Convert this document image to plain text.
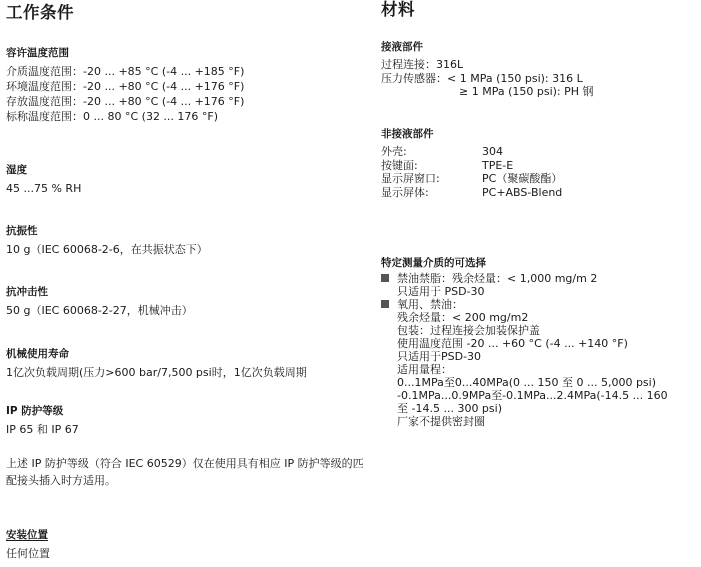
工作条件

容许温度范围

介质温度范围：-20 ... +85 °C (-4 ... +185 °F)

环境温度范围：-20 ... +80 °C (-4 ... +176 °F)

存放温度范围：-20 ... +80 °C (-4 ... +176 °F)

标称温度范围：0 ... 80 °C (32 ... 176 °F)

湿度

45 ...75 % RH

抗振性

10 g（IEC 60068-2-6，在共振状态下）

抗冲击性

50 g（IEC 60068-2-27，机械冲击）

机械使用寿命

1亿次负载周期(压力>600 bar/7,500 psi时，1亿次负载周期

IP 防护等级

IP 65 和 IP 67

上述 IP 防护等级（符合 IEC 60529）仅在使用具有相应 IP 防护等级的匹配接头插入时方适用。

安装位置

任何位置

材料

接液部件

过程连接：316L
压力传感器：< 1 MPa (150 psi): 316 L
≥ 1 MPa (150 psi): PH 钢

非接液部件

外壳:	304
按键面:	TPE-E
显示屏窗口:	PC（聚碳酸酯）
显示屏体:	PC+ABS-Blend

特定测量介质的可选择

禁油禁脂：残余烃量：< 1,000 mg/m 2
只适用于 PSD-30
氧用、禁油：
残余烃量：< 200 mg/m2
包装：过程连接会加装保护盖
使用温度范围 -20 ... +60 °C (-4 ... +140 °F)
只适用于PSD-30
适用量程：
0...1MPa至0...40MPa(0 ... 150 至 0 ... 5,000 psi)
-0.1MPa...0.9MPa至-0.1MPa...2.4MPa(-14.5 ... 160
至 -14.5 ... 300 psi)
厂家不提供密封圈
